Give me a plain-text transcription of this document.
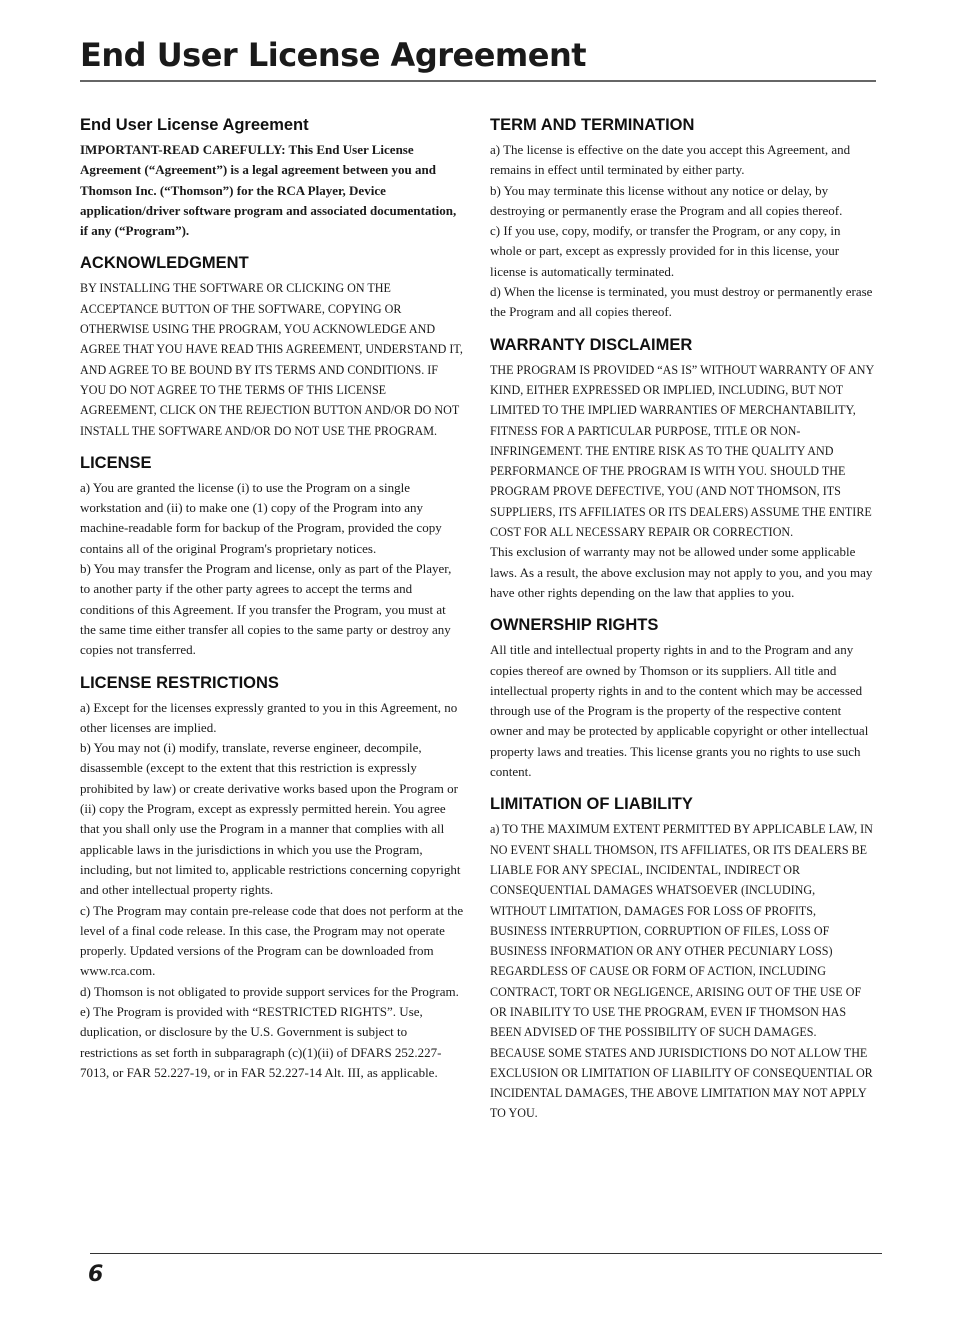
End User License Agreement
End User License Agreement

IMPORTANT-READ CAREFULLY: This End User License Agreement (“Agreement”) is a legal agreement between you and Thomson Inc. (“Thomson”) for the RCA Player, Device application/driver software program and associated documentation, if any (“Program”).

ACKNOWLEDGMENT

BY INSTALLING THE SOFTWARE OR CLICKING ON THE ACCEPTANCE BUTTON OF THE SOFTWARE, COPYING OR OTHERWISE USING THE PROGRAM, YOU ACKNOWLEDGE AND AGREE THAT YOU HAVE READ THIS AGREEMENT, UNDERSTAND IT, AND AGREE TO BE BOUND BY ITS TERMS AND CONDITIONS. IF YOU DO NOT AGREE TO THE TERMS OF THIS LICENSE AGREEMENT, CLICK ON THE REJECTION BUTTON AND/OR DO NOT INSTALL THE SOFTWARE AND/OR DO NOT USE THE PROGRAM.

LICENSE

a) You are granted the license (i) to use the Program on a single workstation and (ii) to make one (1) copy of the Program into any machine-readable form for backup of the Program, provided the copy contains all of the original Program's proprietary notices.

b) You may transfer the Program and license, only as part of the Player, to another party if the other party agrees to accept the terms and conditions of this Agreement. If you transfer the Program, you must at the same time either transfer all copies to the same party or destroy any copies not transferred.

LICENSE RESTRICTIONS

a) Except for the licenses expressly granted to you in this Agreement, no other licenses are implied.

b) You may not (i) modify, translate, reverse engineer, decompile, disassemble (except to the extent that this restriction is expressly prohibited by law) or create derivative works based upon the Program or (ii) copy the Program, except as expressly permitted herein. You agree that you shall only use the Program in a manner that complies with all applicable laws in the jurisdictions in which you use the Program, including, but not limited to, applicable restrictions concerning copyright and other intellectual property rights.

c) The Program may contain pre-release code that does not perform at the level of a final code release. In this case, the Program may not operate properly. Updated versions of the Program can be downloaded from www.rca.com.

d) Thomson is not obligated to provide support services for the Program.

e) The Program is provided with “RESTRICTED RIGHTS”. Use, duplication, or disclosure by the U.S. Government is subject to restrictions as set forth in subparagraph (c)(1)(ii) of DFARS 252.227-7013, or FAR 52.227-19, or in FAR 52.227-14 Alt. III, as applicable.

TERM AND TERMINATION

a) The license is effective on the date you accept this Agreement, and remains in effect until terminated by either party.

b) You may terminate this license without any notice or delay, by destroying or permanently erase the Program and all copies thereof.

c) If you use, copy, modify, or transfer the Program, or any copy, in whole or part, except as expressly provided for in this license, your license is automatically terminated.

d) When the license is terminated, you must destroy or permanently erase the Program and all copies thereof.

WARRANTY DISCLAIMER

THE PROGRAM IS PROVIDED “AS IS” WITHOUT WARRANTY OF ANY KIND, EITHER EXPRESSED OR IMPLIED, INCLUDING, BUT NOT LIMITED TO THE IMPLIED WARRANTIES OF MERCHANTABILITY, FITNESS FOR A PARTICULAR PURPOSE, TITLE OR NON-INFRINGEMENT. THE ENTIRE RISK AS TO THE QUALITY AND PERFORMANCE OF THE PROGRAM IS WITH YOU. SHOULD THE PROGRAM PROVE DEFECTIVE, YOU (AND NOT THOMSON, ITS SUPPLIERS, ITS AFFILIATES OR ITS DEALERS) ASSUME THE ENTIRE COST FOR ALL NECESSARY REPAIR OR CORRECTION.

This exclusion of warranty may not be allowed under some applicable laws. As a result, the above exclusion may not apply to you, and you may have other rights depending on the law that applies to you.

OWNERSHIP RIGHTS

All title and intellectual property rights in and to the Program and any copies thereof are owned by Thomson or its suppliers. All title and intellectual property rights in and to the content which may be accessed through use of the Program is the property of the respective content owner and may be protected by applicable copyright or other intellectual property laws and treaties. This license grants you no rights to use such content.

LIMITATION OF LIABILITY

a) TO THE MAXIMUM EXTENT PERMITTED BY APPLICABLE LAW, IN NO EVENT SHALL THOMSON, ITS AFFILIATES, OR ITS DEALERS BE LIABLE FOR ANY SPECIAL, INCIDENTAL, INDIRECT OR CONSEQUENTIAL DAMAGES WHATSOEVER (INCLUDING, WITHOUT LIMITATION, DAMAGES FOR LOSS OF PROFITS, BUSINESS INTERRUPTION, CORRUPTION OF FILES, LOSS OF BUSINESS INFORMATION OR ANY OTHER PECUNIARY LOSS) REGARDLESS OF CAUSE OR FORM OF ACTION, INCLUDING CONTRACT, TORT OR NEGLIGENCE, ARISING OUT OF THE USE OF OR INABILITY TO USE THE PROGRAM, EVEN IF THOMSON HAS BEEN ADVISED OF THE POSSIBILITY OF SUCH DAMAGES. BECAUSE SOME STATES AND JURISDICTIONS DO NOT ALLOW THE EXCLUSION OR LIMITATION OF LIABILITY OF CONSEQUENTIAL OR INCIDENTAL DAMAGES, THE ABOVE LIMITATION MAY NOT APPLY TO YOU.

6
